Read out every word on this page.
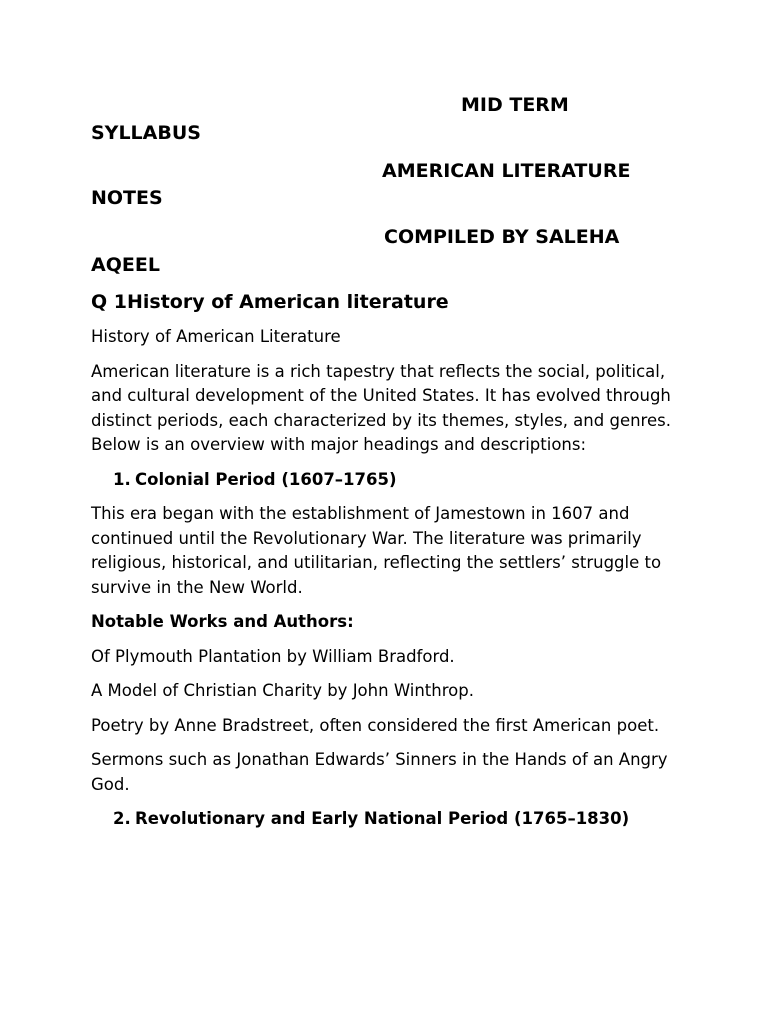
MID TERM
SYLLABUS
AMERICAN LITERATURE
NOTES
COMPILED BY SALEHA
AQEEL
Q 1History of American literature

History of American Literature

American literature is a rich tapestry that reflects the social, political, and cultural development of the United States. It has evolved through distinct periods, each characterized by its themes, styles, and genres. Below is an overview with major headings and descriptions:

1. Colonial Period (1607–1765)

This era began with the establishment of Jamestown in 1607 and continued until the Revolutionary War. The literature was primarily religious, historical, and utilitarian, reflecting the settlers’ struggle to survive in the New World.

Notable Works and Authors:

Of Plymouth Plantation by William Bradford.

A Model of Christian Charity by John Winthrop.

Poetry by Anne Bradstreet, often considered the first American poet.

Sermons such as Jonathan Edwards’ Sinners in the Hands of an Angry God.

2. Revolutionary and Early National Period (1765–1830)
